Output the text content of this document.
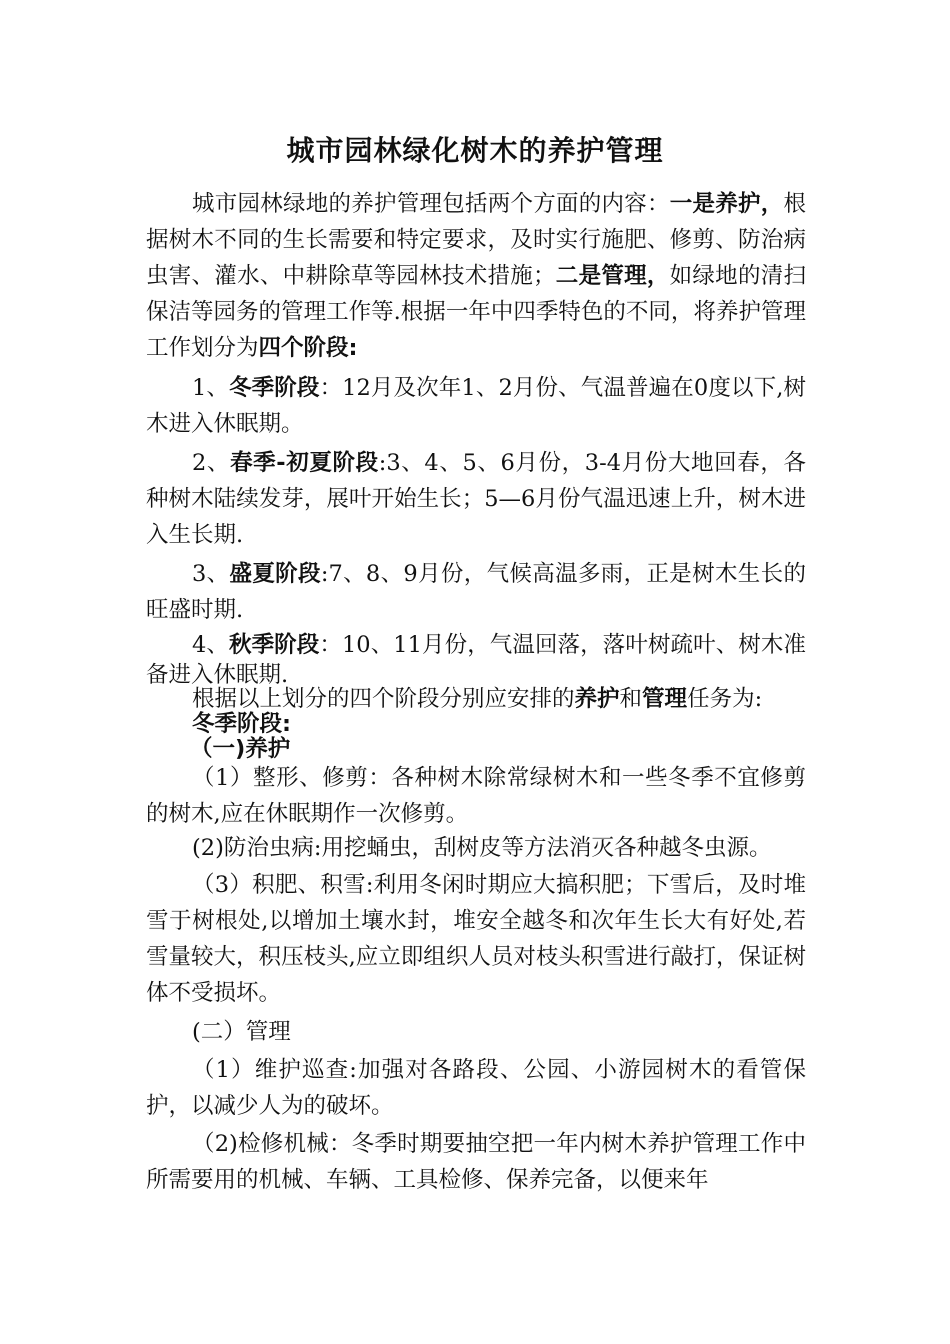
城市园林绿化树木的养护管理
城市园林绿地的养护管理包括两个方面的内容：一是养护，根据树木不同的生长需要和特定要求，及时实行施肥、修剪、防治病虫害、灌水、中耕除草等园林技术措施；二是管理，如绿地的清扫保洁等园务的管理工作等.根据一年中四季特色的不同，将养护管理工作划分为四个阶段:
1、冬季阶段：12月及次年1、2月份、气温普遍在0度以下,树木进入休眠期。
2、春季-初夏阶段:3、4、5、6月份，3-4月份大地回春，各种树木陆续发芽，展叶开始生长；5—6月份气温迅速上升，树木进入生长期.
3、盛夏阶段:7、8、9月份，气候高温多雨，正是树木生长的旺盛时期.
4、秋季阶段：10、11月份，气温回落，落叶树疏叶、树木准备进入休眠期.
根据以上划分的四个阶段分别应安排的养护和管理任务为:
冬季阶段:
（一)养护
（1）整形、修剪：各种树木除常绿树木和一些冬季不宜修剪的树木,应在休眠期作一次修剪。
(2)防治虫病:用挖蛹虫，刮树皮等方法消灭各种越冬虫源。
（3）积肥、积雪:利用冬闲时期应大搞积肥；下雪后，及时堆雪于树根处,以增加土壤水封，堆安全越冬和次年生长大有好处,若雪量较大，积压枝头,应立即组织人员对枝头积雪进行敲打，保证树体不受损坏。
(二）管理
（1）维护巡查:加强对各路段、公园、小游园树木的看管保护，以减少人为的破坏。
（2)检修机械：冬季时期要抽空把一年内树木养护管理工作中所需要用的机械、车辆、工具检修、保养完备，以便来年
